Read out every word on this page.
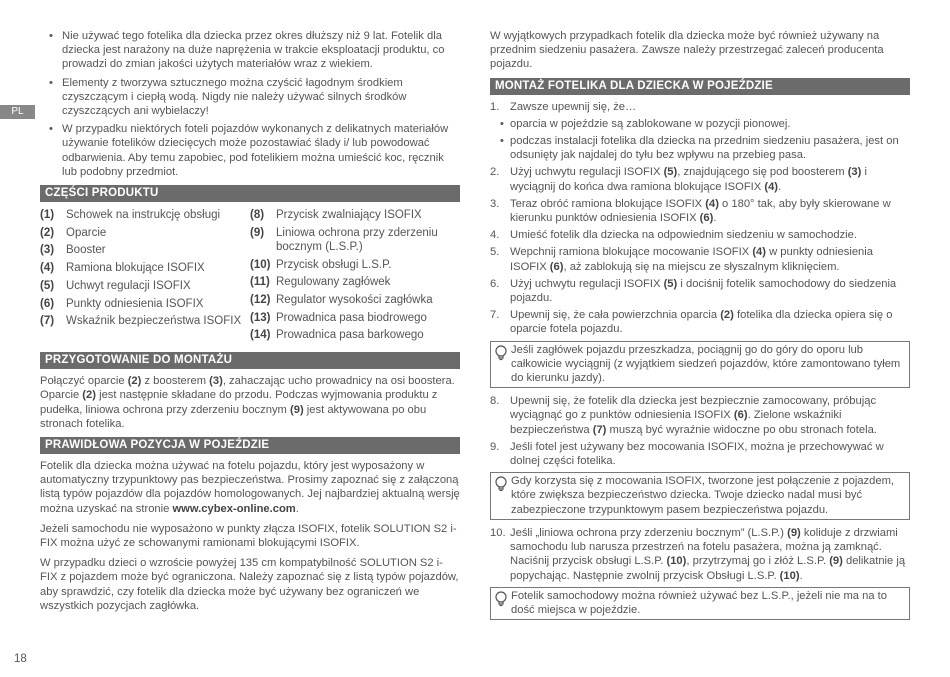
PL
18
• Nie używać tego fotelika dla dziecka przez okres dłuższy niż 9 lat. Fotelik dla dziecka jest narażony na duże naprężenia w trakcie eksploatacji produktu, co prowadzi do zmian jakości użytych materiałów wraz z wiekiem.
• Elementy z tworzywa sztucznego można czyścić łagodnym środkiem czyszczącym i ciepłą wodą. Nigdy nie należy używać silnych środków czyszczących ani wybielaczy!
• W przypadku niektórych foteli pojazdów wykonanych z delikatnych materiałów używanie fotelików dziecięcych może pozostawiać ślady i/ lub powodować odbarwienia. Aby temu zapobiec, pod fotelikiem można umieścić koc, ręcznik lub podobny przedmiot.
CZĘŚCI PRODUKTU
(1)	Schowek na instrukcję obsługi
(2)	Oparcie
(3)	Booster
(4)	Ramiona blokujące ISOFIX
(5)	Uchwyt regulacji ISOFIX
(6)	Punkty odniesienia ISOFIX
(7)	Wskaźnik bezpieczeństwa ISOFIX
(8)	Przycisk zwalniający ISOFIX
(9)	Liniowa ochrona przy zderzeniu bocznym (L.S.P.)
(10) Przycisk obsługi L.S.P.
(11) Regulowany zagłówek
(12) Regulator wysokości zagłówka
(13) Prowadnica pasa biodrowego
(14) Prowadnica pasa barkowego
PRZYGOTOWANIE DO MONTAŻU

Połączyć oparcie (2) z boosterem (3), zahaczając ucho prowadnicy na osi boostera. Oparcie (2) jest następnie składane do przodu. Podczas wyjmowania produktu z pudełka, liniowa ochrona przy zderzeniu bocznym (9) jest aktywowana po obu stronach fotelika.

PRAWIDŁOWA POZYCJA W POJEŹDZIE

Fotelik dla dziecka można używać na fotelu pojazdu, który jest wyposażony w automatyczny trzypunktowy pas bezpieczeństwa. Prosimy zapoznać się z załączoną listą typów pojazdów dla pojazdów homologowanych. Jej najbardziej aktualną wersję można uzyskać na stronie www.cybex-online.com.

Jeżeli samochodu nie wyposażono w punkty złącza ISOFIX, fotelik SOLUTION S2 i-FIX można użyć ze schowanymi ramionami blokującymi ISOFIX.

W przypadku dzieci o wzroście powyżej 135 cm kompatybilność SOLUTION S2 i-FIX z pojazdem może być ograniczona. Należy zapoznać się z listą typów pojazdów, aby sprawdzić, czy fotelik dla dziecka może być używany bez ograniczeń we wszystkich pozycjach zagłówka.

W wyjątkowych przypadkach fotelik dla dziecka może być również używany na przednim siedzeniu pasażera. Zawsze należy przestrzegać zaleceń producenta pojazdu.

MONTAŻ FOTELIKA DLA DZIECKA W POJEŹDZIE
1. Zawsze upewnij się, że…
• oparcia w pojeździe są zablokowane w pozycji pionowej.
• podczas instalacji fotelika dla dziecka na przednim siedzeniu pasażera, jest on odsunięty jak najdalej do tyłu bez wpływu na przebieg pasa.
2. Użyj uchwytu regulacji ISOFIX (5), znajdującego się pod boosterem (3) i wyciągnij do końca dwa ramiona blokujące ISOFIX (4).
3. Teraz obróć ramiona blokujące ISOFIX (4) o 180° tak, aby były skierowane w kierunku punktów odniesienia ISOFIX (6).
4. Umieść fotelik dla dziecka na odpowiednim siedzeniu w samochodzie.
5. Wepchnij ramiona blokujące mocowanie ISOFIX (4) w punkty odniesienia ISOFIX (6), aż zablokują się na miejscu ze słyszalnym kliknięciem.
6. Użyj uchwytu regulacji ISOFIX (5) i dociśnij fotelik samochodowy do siedzenia pojazdu.
7. Upewnij się, że cała powierzchnia oparcia (2) fotelika dla dziecka opiera się o oparcie fotela pojazdu.
Jeśli zagłówek pojazdu przeszkadza, pociągnij go do góry do oporu lub całkowicie wyciągnij (z wyjątkiem siedzeń pojazdów, które zamontowano tyłem do kierunku jazdy).
8. Upewnij się, że fotelik dla dziecka jest bezpiecznie zamocowany, próbując wyciągnąć go z punktów odniesienia ISOFIX (6). Zielone wskaźniki bezpieczeństwa (7) muszą być wyraźnie widoczne po obu stronach fotela.
9. Jeśli fotel jest używany bez mocowania ISOFIX, można je przechowywać w dolnej części fotelika.
Gdy korzysta się z mocowania ISOFIX, tworzone jest połączenie z pojazdem, które zwiększa bezpieczeństwo dziecka. Twoje dziecko nadal musi być zabezpieczone trzypunktowym pasem bezpieczeństwa pojazdu.
10. Jeśli „liniowa ochrona przy zderzeniu bocznym” (L.S.P.) (9) koliduje z drzwiami samochodu lub narusza przestrzeń na fotelu pasażera, można ją zamknąć. Naciśnij przycisk obsługi L.S.P. (10), przytrzymaj go i złóż L.S.P. (9) delikatnie ją popychając. Następnie zwolnij przycisk Obsługi L.S.P. (10).
Fotelik samochodowy można również używać bez L.S.P., jeżeli nie ma na to dość miejsca w pojeździe.
